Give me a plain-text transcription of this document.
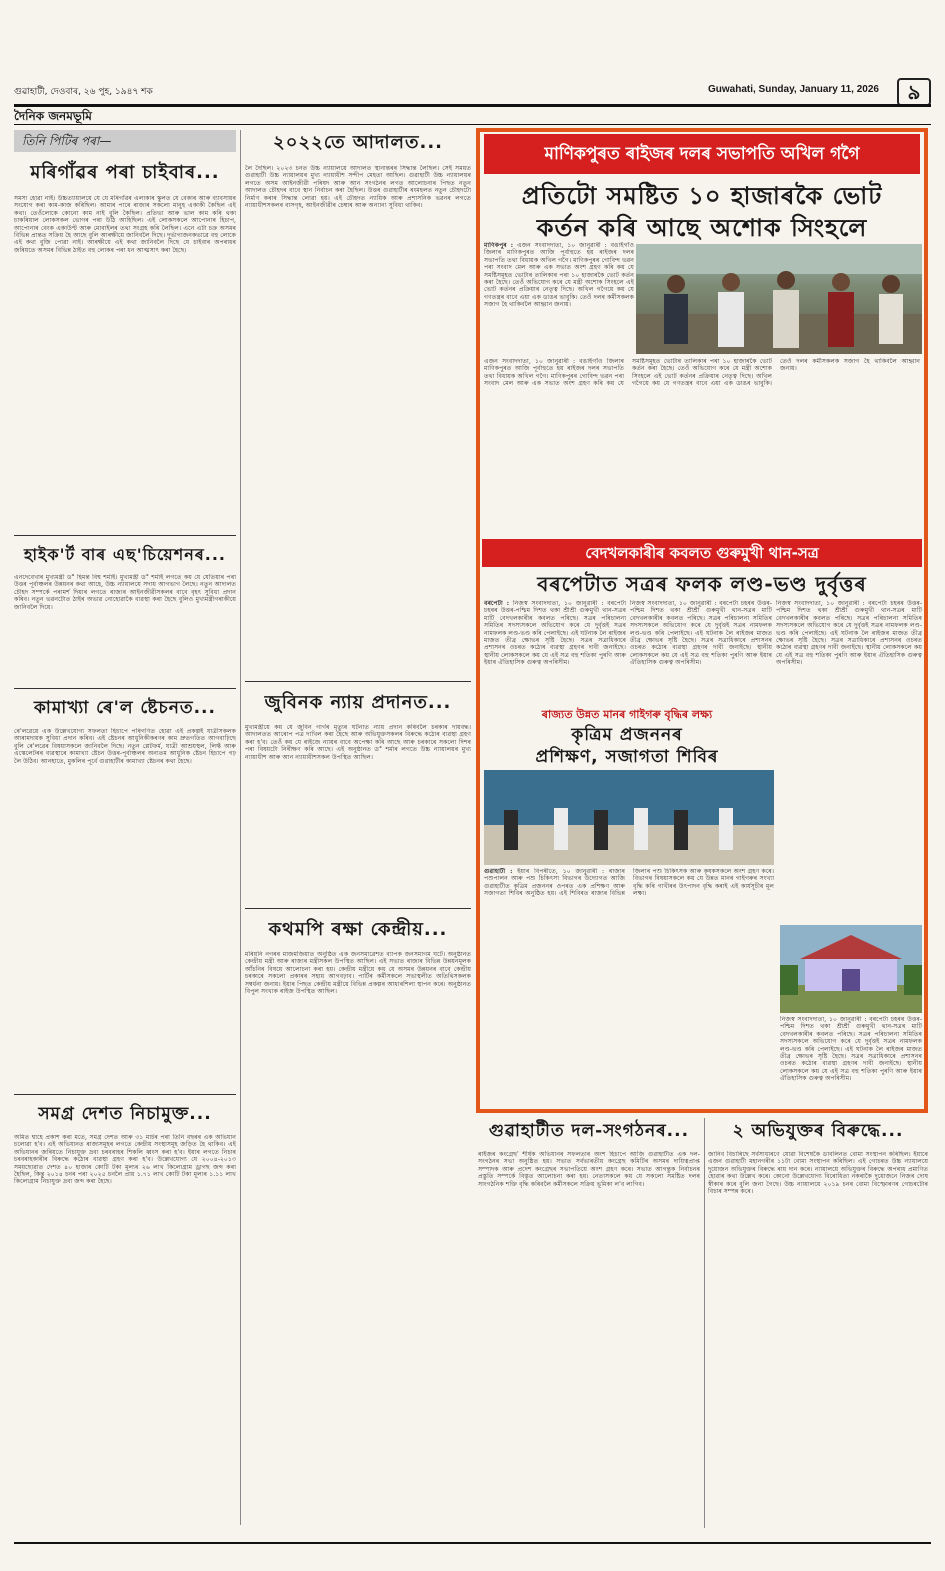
গুৱাহাটী, দেওবাৰ, ২৬ পুহ, ১৯৪৭ শক	Guwahati, Sunday, January 11, 2026	৯
দৈনিক জনমভূমি
তিনি পিটিৰ পৰা—
মৰিগাঁৱৰ পৰা চাইবাৰ...
সমস্য হোৱা নাই। উচ্চত্যায়ালয়ে যে যে মৰিগাঁৱৰ এলাকাৰ স্কুলত যে বেকাৰ আৰু ব্যাবসায়ৰ সংযোগ কৰা কাম-কাজ কৰিছিল। আমাৰ পাৰে ৰাজ্যৰ সকলো মানুহ একাকী কৈছিল এই কথা। তেওঁলোকে কোনো কাম নাই বুলি কৈছিল। প্ৰতিভা আৰু ভাল কাম কৰি থকা চাকৰিয়াল লোকসকল ভোগৰ পৰা উঠি আহিছিল। এই লোকসকলে আপোনাৰ হিচাপ, আপোনাৰ বেংক একাউণ্ট আৰু মোবাইলৰ তথ্য সংগ্ৰহ কৰি লৈছিল। এনে এটা চক্ৰ অসমৰ বিভিন্ন প্ৰান্তত সক্ৰিয় হৈ আছে বুলি আৰক্ষীয়ে জানিবলৈ দিছে। দূৰ্ভাগ্যজনকভাৱে বহু লোকে এই কথা বুজি পোৱা নাই। আৰক্ষীয়ে এই কথা জানিবলৈ দিছে যে চাইবাৰ অপৰাধৰ জৰিয়তে অসমৰ বিভিন্ন ঠাইত বহু লোকৰ পৰা ধন আত্মসাৎ কৰা হৈছে।
হাইক'ৰ্ট বাৰ এছ'চিয়েশনৰ...
এনদেবেখাৰ মুখ্যমন্ত্ৰী ড° হিমন্ত বিশ্ব শৰ্মাই। মুখ্যমন্ত্ৰী ড° শৰ্মাই লগতে কয় যে যেতিয়াৰ পৰা উত্তৰ পূৰ্বাঞ্চলৰ উন্নয়নৰ কথা আহে, উচ্চ ন্যায়ালয়ে সদায় আগভাগ লৈছে। নতুন আদালত চৌহদ সম্পৰ্কে পৰামৰ্শ দিয়াৰ লগতে ৰাজ্যৰ আইনজীৱীসকলৰ বাবে বৃহৎ সুবিধা প্ৰদান কৰিব। নতুন ভৱনটোত ঠাইৰ অভাৱ নোহোৱাকৈ ব্যৱস্থা কৰা হৈছে বুলিও মুখ্যমন্ত্ৰীগৰাকীয়ে জানিবলৈ দিয়ে।
কামাখ্যা ৰে'ল ষ্টেচনত...
ৰে'লৱেয়ে এক উল্লেখযোগ্য সফলতা হিচাপে পৰিগণিত হোৱা এই প্ৰকল্পই যাত্ৰীসকলক আৰামদায়ক সুবিধা প্ৰদান কৰিব। এই ষ্টেচনৰ আধুনিকীকৰণৰ কাম দ্ৰুতগতিত আগবাঢ়িছে বুলি ৰে'লৱেৰ বিষয়াসকলে জানিবলৈ দিছে। নতুন প্লেটফৰ্ম, যাত্ৰী আশ্ৰয়স্থল, লিফ্ট আৰু এস্কেলেটৰৰ ব্যৱস্থাৰে কামাখ্যা ষ্টেচন উত্তৰ-পূৰ্বাঞ্চলৰ অন্যতম আধুনিক ষ্টেচন হিচাপে গঢ় লৈ উঠিব। আনহাতে, মুকলিৰ পূৰ্বে গুৱাহাটীৰ কামাখ্যা ষ্টেচনৰ কথা হৈছে।
সমগ্ৰ দেশত নিচামুক্ত...
অমিত শ্বাহে প্ৰকাশ কৰা মতে, সমগ্ৰ দেশত আৰু ৩১ মাৰ্চৰ পৰা তিনি বছৰৰ এক অভিযান চলোৱা হ'ব। এই অভিযানত ৰাজ্যসমূহৰ লগতে কেন্দ্ৰীয় সংস্থাসমূহ জড়িত হৈ থাকিব। এই অভিযানৰ জৰিয়তে নিচাযুক্ত দ্ৰব্য চৰবৰাহৰ শিকলি ধ্বংস কৰা হ'ব। ইয়াৰ লগতে নিচাৰ চৰবৰাহকাৰীৰ বিৰুদ্ধে কঠোৰ ব্যৱস্থা গ্ৰহণ কৰা হ'ব। উল্লেখযোগ্য যে ২০০৪-২০১৩ সময়ছোৱাত দেশত ৪০ হাজাৰ কোটি টকা মূল্যৰ ২৬ লাখ কিলোগ্ৰাম ড্ৰাগছ জব্দ কৰা হৈছিল, কিন্তু ২০১৪ চনৰ পৰা ২০২৫ চনলৈ প্ৰায় ১.৭১ লাখ কোটি টকা মূল্যৰ ১.১১ লাখ কিলোগ্ৰাম নিচাযুক্ত দ্ৰব্য জব্দ কৰা হৈছে।
২০২২তে আদালত...
লৈ দৈছিল। ২০২৩ চনত উচ্চ ন্যায়ালয়ে আদালত স্থানান্তৰৰ সিদ্ধান্ত লৈছিল। সেই সময়ত গুৱাহাটী উচ্চ ন্যায়ালয়ৰ মুখ্য ন্যায়াধীশ সন্দীপ মেহতা আছিল। গুৱাহাটী উচ্চ ন্যায়ালয়ৰ লগতে অসম আইনজীৱী পৰিষদ আৰু আন সংগঠনৰ লগত আলোচনাৰ পিছত নতুন আদালত চৌহদৰ বাবে স্থান নিৰ্বাচন কৰা হৈছিল। উত্তৰ গুৱাহাটীৰ ৰংমহলত নতুন চৌহদটো নিৰ্মাণ কৰাৰ সিদ্ধান্ত লোৱা হয়। এই চৌহদত ন্যায়িক আৰু প্ৰশাসনিক ভৱনৰ লগতে ন্যায়াধীশসকলৰ বাসগৃহ, আইনজীৱীৰ চেম্বাৰ আৰু অন্যান্য সুবিধা থাকিব।
জুবিনক ন্যায় প্ৰদানত...
মুখ্যমন্ত্ৰীয়ে কয় যে জুবিন গাৰ্গৰ মৃত্যুৰ ঘটনাত ন্যায় প্ৰদান কৰিবলৈ চৰকাৰ দায়বদ্ধ। আদালতত আৰোপ পত্ৰ দাখিল কৰা হৈছে আৰু অভিযুক্তসকলৰ বিৰুদ্ধে কঠোৰ ব্যৱস্থা গ্ৰহণ কৰা হ'ব। তেওঁ কয় যে ৰাইজে ন্যায়ৰ বাবে অপেক্ষা কৰি আছে আৰু চৰকাৰে সকলো দিশৰ পৰা বিষয়টো নিৰীক্ষণ কৰি আছে। এই অনুষ্ঠানত ড° শৰ্মাৰ লগতে উচ্চ ন্যায়ালয়ৰ মুখ্য ন্যায়াধীশ আৰু আন ন্যায়াধীশসকল উপস্থিত আছিল।
কথমপি ৰক্ষা কেন্দ্ৰীয়...
মৰিয়নি নগৰৰ মাজমজিয়াত অনুষ্ঠিত এক জনসমাৱেশত ব্যাপক জনসমাগম ঘটে। অনুষ্ঠানত কেন্দ্ৰীয় মন্ত্ৰী আৰু ৰাজ্যৰ মন্ত্ৰীসকল উপস্থিত আছিল। এই সভাত ৰাজ্যৰ বিভিন্ন উন্নয়নমূলক আঁচনিৰ বিষয়ে আলোচনা কৰা হয়। কেন্দ্ৰীয় মন্ত্ৰীয়ে কয় যে অসমৰ উন্নয়নৰ বাবে কেন্দ্ৰীয় চৰকাৰে সকলো প্ৰকাৰৰ সহায় আগবঢ়াব। পাৰ্টিৰ কৰ্মীসকলে সভাস্থলীত অতিথিসকলক সম্বৰ্ধনা জনায়। ইয়াৰ পিছত কেন্দ্ৰীয় মন্ত্ৰীয়ে বিভিন্ন প্ৰকল্পৰ আধাৰশিলা স্থাপন কৰে। অনুষ্ঠানত বিপুল সংখ্যক ৰাইজ উপস্থিত আছিল।
মাণিকপুৰত ৰাইজৰ দলৰ সভাপতি অখিল গগৈ
প্ৰতিটো সমষ্টিত ১০ হাজাৰকৈ ভোট
কৰ্তন কৰি আছে অশোক সিংহলে
মাণিকপুৰ : এজন সংবাদদাতা, ১০ জানুৱাৰী : বঙাইগাঁও জিলাৰ মাণিকপুৰত আজি পূৰ্বাহুতে হয় ৰাইজৰ দলৰ সভাপতি তথা বিধায়ক অখিল গগৈ। মাণিকপুৰৰ গোবিন্দ ভৱন পৰা সংবাদ মেল আৰু এক সভাত অংশ গ্ৰহণ কৰি কয় যে সমষ্টিসমূহত ভোটাৰ তালিকাৰ পৰা ১০ হাজাৰকৈ ভোট কৰ্তন কৰা হৈছে। তেওঁ অভিযোগ কৰে যে মন্ত্ৰী অশোক সিংহলে এই ভোট কৰ্তনৰ প্ৰক্ৰিয়াৰ নেতৃত্ব দিছে। অখিল গগৈয়ে কয় যে গণতন্ত্ৰৰ বাবে এয়া এক ডাঙৰ ভাবুকি। তেওঁ দলৰ কৰ্মীসকলক সজাগ হৈ থাকিবলৈ আহ্বান জনায়।
এজন সংবাদদাতা, ১০ জানুৱাৰী : বঙাইগাঁও জিলাৰ মাণিকপুৰত আজি পূৰ্বাহুতে হয় ৰাইজৰ দলৰ সভাপতি তথা বিধায়ক অখিল গগৈ। মাণিকপুৰৰ গোবিন্দ ভৱন পৰা সংবাদ মেল আৰু এক সভাত অংশ গ্ৰহণ কৰি কয় যে সমষ্টিসমূহত ভোটাৰ তালিকাৰ পৰা ১০ হাজাৰকৈ ভোট কৰ্তন কৰা হৈছে। তেওঁ অভিযোগ কৰে যে মন্ত্ৰী অশোক সিংহলে এই ভোট কৰ্তনৰ প্ৰক্ৰিয়াৰ নেতৃত্ব দিছে। অখিল গগৈয়ে কয় যে গণতন্ত্ৰৰ বাবে এয়া এক ডাঙৰ ভাবুকি। তেওঁ দলৰ কৰ্মীসকলক সজাগ হৈ থাকিবলৈ আহ্বান জনায়।
বেদখলকাৰীৰ কবলত গুৰুমুখী থান-সত্ৰ
বৰপেটাত সত্ৰৰ ফলক লণ্ড-ভণ্ড দুৰ্বৃত্তৰ
বৰপেটা : নিজস্ব সংবাদদাতা, ১০ জানুৱাৰী : বৰপেটা চহৰৰ উত্তৰ-পশ্চিম দিশত থকা শ্ৰীশ্ৰী গুৰুমুখী থান-সত্ৰৰ মাটি বেদখলকাৰীৰ কবলত পৰিছে। সত্ৰৰ পৰিচালনা সমিতিৰ সদস্যসকলে অভিযোগ কৰে যে দুৰ্বৃত্তই সত্ৰৰ নামফলক লণ্ড-ভণ্ড কৰি পেলাইছে। এই ঘটনাক লৈ ৰাইজৰ মাজত তীব্ৰ ক্ষোভৰ সৃষ্টি হৈছে। সত্ৰৰ সত্ৰাধিকাৰে প্ৰশাসনৰ ওচৰত কঠোৰ ব্যৱস্থা গ্ৰহণৰ দাবী জনাইছে। স্থানীয় লোকসকলে কয় যে এই সত্ৰ বহু শতিকা পুৰণি আৰু ইয়াৰ ঐতিহাসিক গুৰুত্ব অপৰিসীম।
নিজস্ব সংবাদদাতা, ১০ জানুৱাৰী : বৰপেটা চহৰৰ উত্তৰ-পশ্চিম দিশত থকা শ্ৰীশ্ৰী গুৰুমুখী থান-সত্ৰৰ মাটি বেদখলকাৰীৰ কবলত পৰিছে। সত্ৰৰ পৰিচালনা সমিতিৰ সদস্যসকলে অভিযোগ কৰে যে দুৰ্বৃত্তই সত্ৰৰ নামফলক লণ্ড-ভণ্ড কৰি পেলাইছে। এই ঘটনাক লৈ ৰাইজৰ মাজত তীব্ৰ ক্ষোভৰ সৃষ্টি হৈছে। সত্ৰৰ সত্ৰাধিকাৰে প্ৰশাসনৰ ওচৰত কঠোৰ ব্যৱস্থা গ্ৰহণৰ দাবী জনাইছে। স্থানীয় লোকসকলে কয় যে এই সত্ৰ বহু শতিকা পুৰণি আৰু ইয়াৰ ঐতিহাসিক গুৰুত্ব অপৰিসীম।
নিজস্ব সংবাদদাতা, ১০ জানুৱাৰী : বৰপেটা চহৰৰ উত্তৰ-পশ্চিম দিশত থকা শ্ৰীশ্ৰী গুৰুমুখী থান-সত্ৰৰ মাটি বেদখলকাৰীৰ কবলত পৰিছে। সত্ৰৰ পৰিচালনা সমিতিৰ সদস্যসকলে অভিযোগ কৰে যে দুৰ্বৃত্তই সত্ৰৰ নামফলক লণ্ড-ভণ্ড কৰি পেলাইছে। এই ঘটনাক লৈ ৰাইজৰ মাজত তীব্ৰ ক্ষোভৰ সৃষ্টি হৈছে। সত্ৰৰ সত্ৰাধিকাৰে প্ৰশাসনৰ ওচৰত কঠোৰ ব্যৱস্থা গ্ৰহণৰ দাবী জনাইছে। স্থানীয় লোকসকলে কয় যে এই সত্ৰ বহু শতিকা পুৰণি আৰু ইয়াৰ ঐতিহাসিক গুৰুত্ব অপৰিসীম।
ৰাজ্যত উন্নত মানৰ গাইগৰু বৃদ্ধিৰ লক্ষ্য
কৃত্ৰিম প্ৰজননৰ
প্ৰশিক্ষণ, সজাগতা শিবিৰ
গুৱাহাটী : ইয়াৰ বিপৰীতে, ১০ জানুৱাৰী : ৰাজ্যৰ পশুপালন আৰু পশু চিকিৎসা বিভাগৰ উদ্যোগত আজি গুৱাহাটীত কৃত্ৰিম প্ৰজননৰ ওপৰত এক প্ৰশিক্ষণ আৰু সজাগতা শিবিৰ অনুষ্ঠিত হয়। এই শিবিৰত ৰাজ্যৰ বিভিন্ন জিলাৰ পশু চিকিৎসক আৰু কৃষকসকলে অংশ গ্ৰহণ কৰে। বিভাগৰ বিষয়াসকলে কয় যে উন্নত মানৰ গাইগৰুৰ সংখ্যা বৃদ্ধি কৰি গাখীৰৰ উৎপাদন বৃদ্ধি কৰাই এই কাৰ্যসূচীৰ মূল লক্ষ্য।
নিজস্ব সংবাদদাতা, ১০ জানুৱাৰী : বৰপেটা চহৰৰ উত্তৰ-পশ্চিম দিশত থকা শ্ৰীশ্ৰী গুৰুমুখী থান-সত্ৰৰ মাটি বেদখলকাৰীৰ কবলত পৰিছে। সত্ৰৰ পৰিচালনা সমিতিৰ সদস্যসকলে অভিযোগ কৰে যে দুৰ্বৃত্তই সত্ৰৰ নামফলক লণ্ড-ভণ্ড কৰি পেলাইছে। এই ঘটনাক লৈ ৰাইজৰ মাজত তীব্ৰ ক্ষোভৰ সৃষ্টি হৈছে। সত্ৰৰ সত্ৰাধিকাৰে প্ৰশাসনৰ ওচৰত কঠোৰ ব্যৱস্থা গ্ৰহণৰ দাবী জনাইছে। স্থানীয় লোকসকলে কয় যে এই সত্ৰ বহু শতিকা পুৰণি আৰু ইয়াৰ ঐতিহাসিক গুৰুত্ব অপৰিসীম।
গুৱাহাটীত দল-সংগঠনৰ...
ৰাইজৰ কংগ্ৰেছ' শীৰ্ষক অভিযানৰ সফলতাৰ অংশ হিচাপে আজি গুৱাহাটীত এক দল-সংগঠনৰ সভা অনুষ্ঠিত হয়। সভাত সৰ্বভাৰতীয় কংগ্ৰেছ কমিটিৰ অসমৰ দায়িত্বপ্ৰাপ্ত সম্পাদক আৰু প্ৰদেশ কংগ্ৰেছৰ সভাপতিয়ে অংশ গ্ৰহণ কৰে। সভাত আগন্তুক নিৰ্বাচনৰ প্ৰস্তুতি সম্পৰ্কে বিস্তৃত আলোচনা কৰা হয়। নেতাসকলে কয় যে সকলো সমষ্টিত দলৰ সাংগঠনিক শক্তি বৃদ্ধি কৰিবলৈ কৰ্মীসকলে সক্ৰিয় ভূমিকা ল'ব লাগিব।
২ অভিযুক্তৰ বিৰুদ্ধে...
জানিব বিচাৰিছে সৰ্বসাধাৰণে যোৱা বিশেষকৈ ডাবলিনত বোমা সংস্থাপন কৰিছিল। ইয়াৰে এজন গুৱাহাটী মহানগৰীৰ ১১টা বোমা সংস্থাপন কৰিছিল। এই গোচৰত উচ্চ ন্যায়ালয়ে দুয়োজন অভিযুক্তৰ বিৰুদ্ধে ৰায় দান কৰে। ন্যায়ালয়ে অভিযুক্তৰ বিৰুদ্ধে অপৰাধ প্ৰমাণিত হোৱাৰ কথা উল্লেখ কৰে। কোনো উল্লেখযোগ্য বিৰোধিতা নকৰাকৈ দুয়োজনে নিজৰ দোষ স্বীকাৰ কৰে বুলি জনা গৈছে। উচ্চ ন্যায়ালয়ে ২০১৯ চনৰ বোমা বিস্ফোৰণৰ গোচৰটোৰ বিচাৰ সম্পন্ন কৰে।
